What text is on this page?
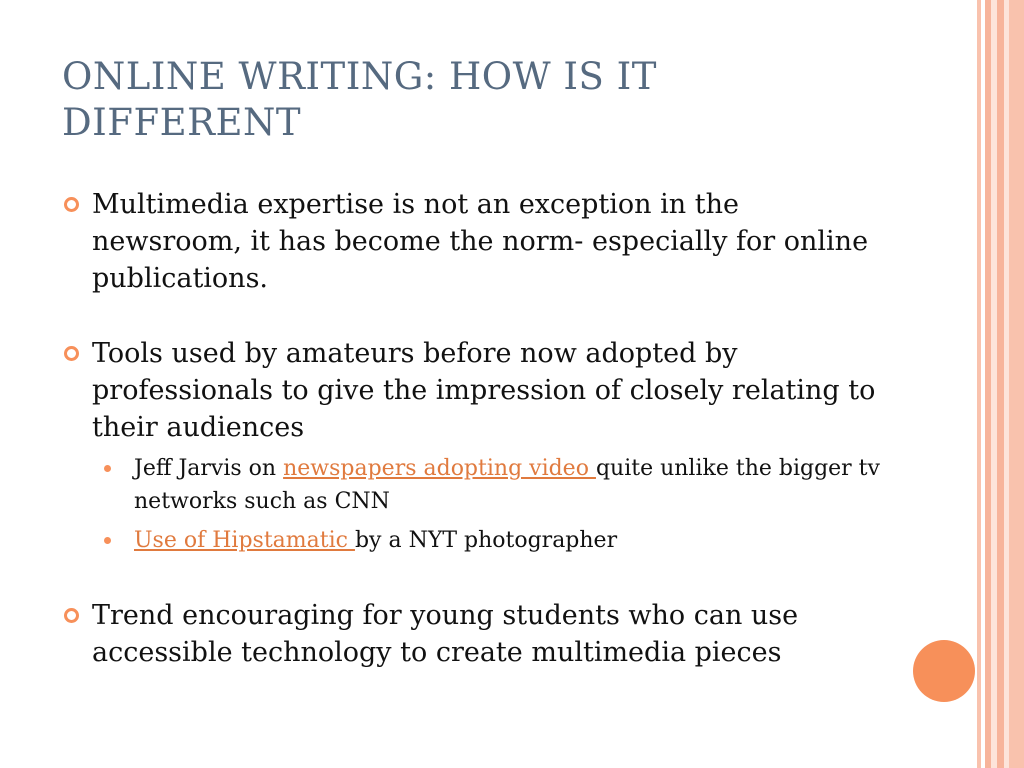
ONLINE WRITING: HOW IS IT DIFFERENT
Multimedia expertise is not an exception in the newsroom, it has become the norm- especially for online publications.
Tools used by amateurs before now adopted by professionals to give the impression of closely relating to their audiences
Jeff Jarvis on newspapers adopting video quite unlike the bigger tv networks such as CNN
Use of Hipstamatic by a NYT photographer
Trend encouraging for young students who can use accessible technology to create multimedia pieces
